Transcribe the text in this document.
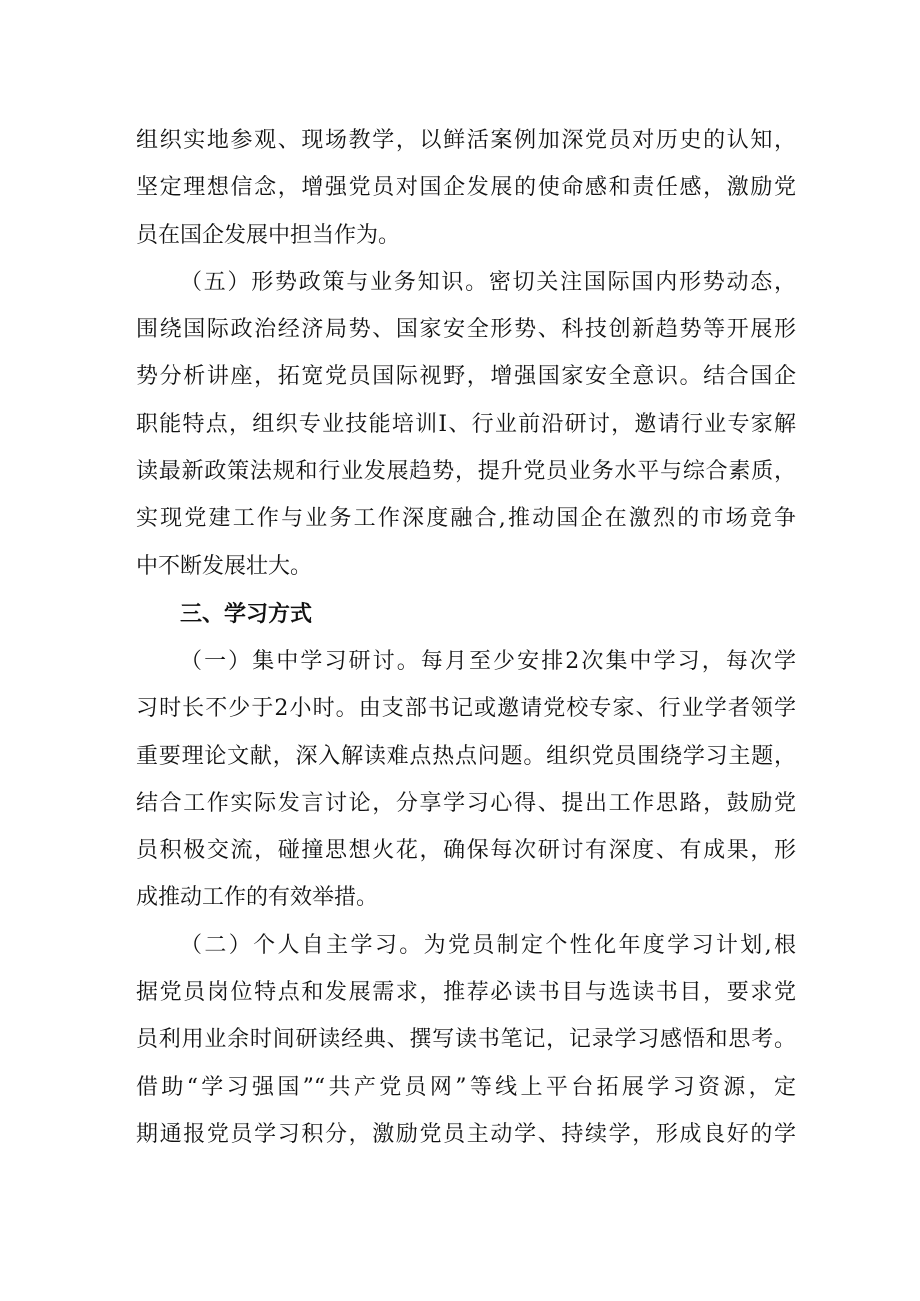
组织实地参观、现场教学，以鲜活案例加深党员对历史的认知，
坚定理想信念，增强党员对国企发展的使命感和责任感，激励党
员在国企发展中担当作为。
（五）形势政策与业务知识。密切关注国际国内形势动态，
围绕国际政治经济局势、国家安全形势、科技创新趋势等开展形
势分析讲座，拓宽党员国际视野，增强国家安全意识。结合国企
职能特点，组织专业技能培训I、行业前沿研讨，邀请行业专家解
读最新政策法规和行业发展趋势，提升党员业务水平与综合素质，
实现党建工作与业务工作深度融合,推动国企在激烈的市场竞争
中不断发展壮大。
三、学习方式
（一）集中学习研讨。每月至少安排2次集中学习，每次学
习时长不少于2小时。由支部书记或邀请党校专家、行业学者领学
重要理论文献，深入解读难点热点问题。组织党员围绕学习主题，
结合工作实际发言讨论，分享学习心得、提出工作思路，鼓励党
员积极交流，碰撞思想火花，确保每次研讨有深度、有成果，形
成推动工作的有效举措。
（二）个人自主学习。为党员制定个性化年度学习计划,根
据党员岗位特点和发展需求，推荐必读书目与选读书目，要求党
员利用业余时间研读经典、撰写读书笔记，记录学习感悟和思考。
借助“学习强国”“共产党员网”等线上平台拓展学习资源，定
期通报党员学习积分，激励党员主动学、持续学，形成良好的学
